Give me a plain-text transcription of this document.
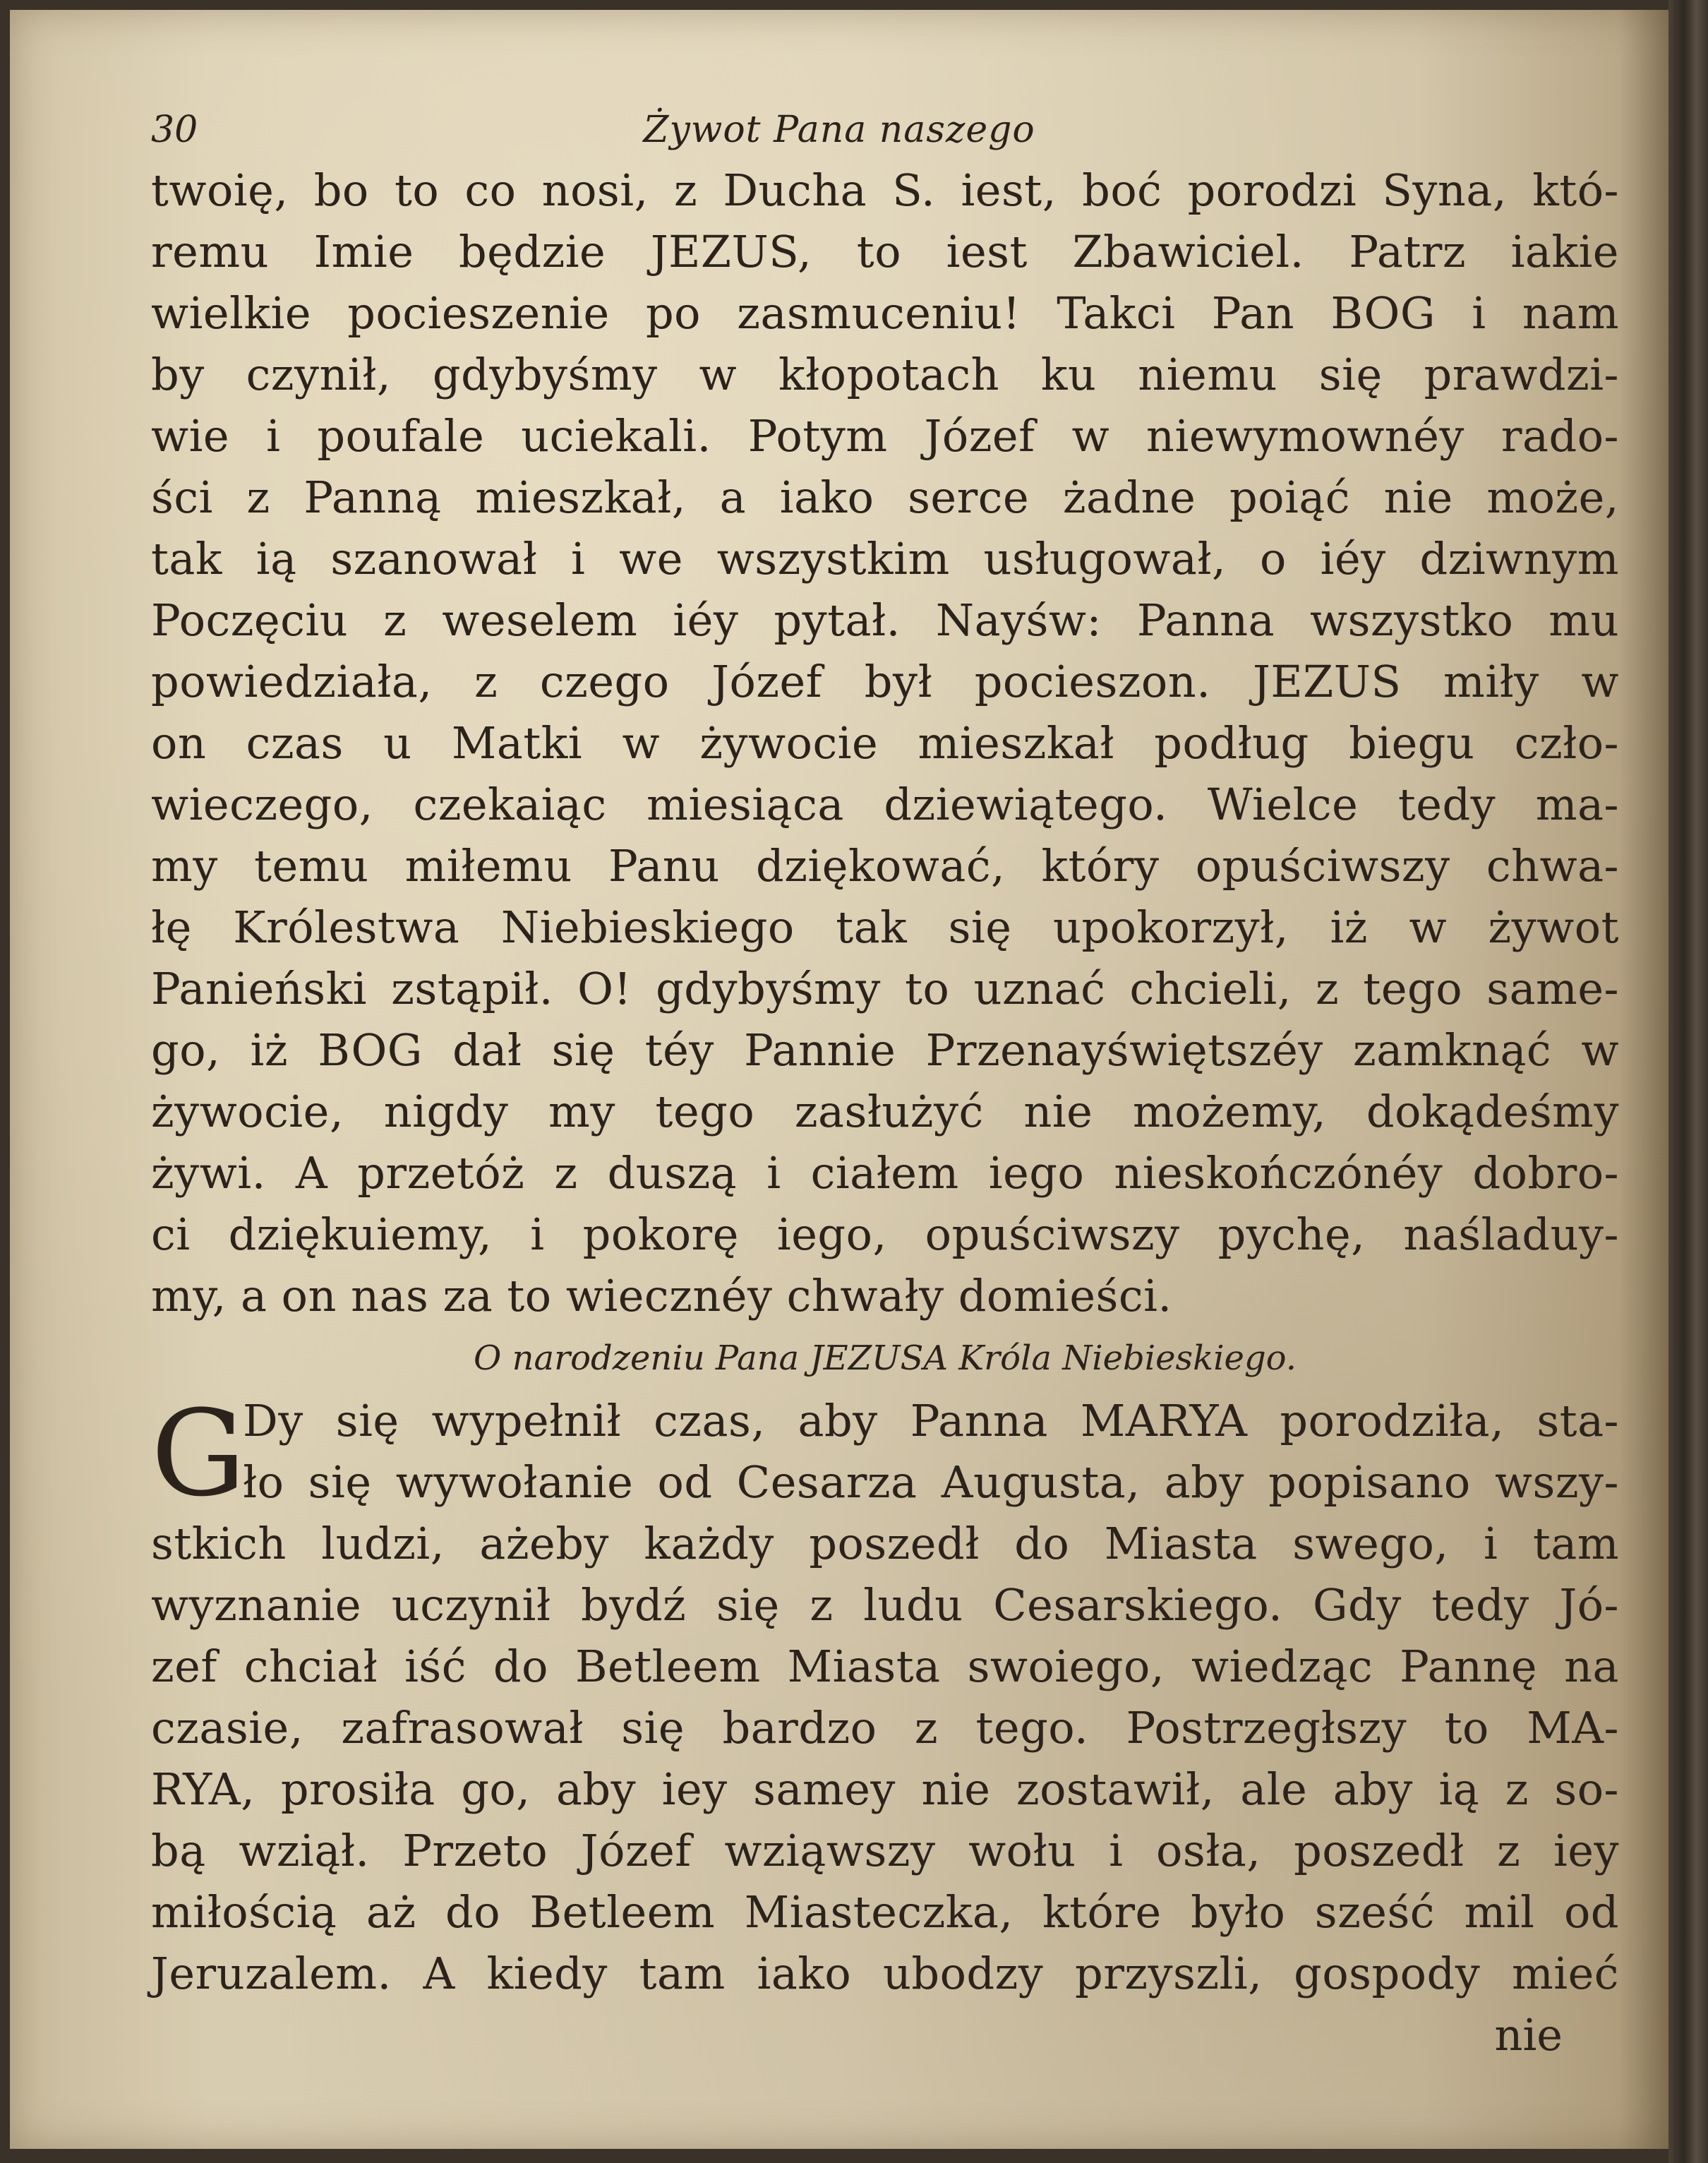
30	Żywot Pana naszego
twoię, bo to co nosi, z Ducha S. iest, boć porodzi Syna, któ-
remu Imie będzie JEZUS, to iest Zbawiciel. Patrz iakie
wielkie pocieszenie po zasmuceniu! Takci Pan BOG i nam
by czynił, gdybyśmy w kłopotach ku niemu się prawdzi-
wie i poufale uciekali. Potym Józef w niewymownéy rado-
ści z Panną mieszkał, a iako serce żadne poiąć nie może,
tak ią szanował i we wszystkim usługował, o iéy dziwnym
Poczęciu z weselem iéy pytał. Nayśw: Panna wszystko mu
powiedziała, z czego Józef był pocieszon. JEZUS miły w
on czas u Matki w żywocie mieszkał podług biegu czło-
wieczego, czekaiąc miesiąca dziewiątego. Wielce tedy ma-
my temu miłemu Panu dziękować, który opuściwszy chwa-
łę Królestwa Niebieskiego tak się upokorzył, iż w żywot
Panieński zstąpił. O! gdybyśmy to uznać chcieli, z tego same-
go, iż BOG dał się téy Pannie Przenayświętszéy zamknąć w
żywocie, nigdy my tego zasłużyć nie możemy, dokądeśmy
żywi. A przetóż z duszą i ciałem iego nieskończónéy dobro-
ci dziękuiemy, i pokorę iego, opuściwszy pychę, naśladuy-
my, a on nas za to wiecznéy chwały domieści.
O narodzeniu Pana JEZUSA Króla Niebieskiego.
G
Dy się wypełnił czas, aby Panna MARYA porodziła, sta-
ło się wywołanie od Cesarza Augusta, aby popisano wszy-
stkich ludzi, ażeby każdy poszedł do Miasta swego, i tam
wyznanie uczynił bydź się z ludu Cesarskiego. Gdy tedy Jó-
zef chciał iść do Betleem Miasta swoiego, wiedząc Pannę na
czasie, zafrasował się bardzo z tego. Postrzegłszy to MA-
RYA, prosiła go, aby iey samey nie zostawił, ale aby ią z so-
bą wziął. Przeto Józef wziąwszy wołu i osła, poszedł z iey
miłością aż do Betleem Miasteczka, które było sześć mil od
Jeruzalem. A kiedy tam iako ubodzy przyszli, gospody mieć
nie
